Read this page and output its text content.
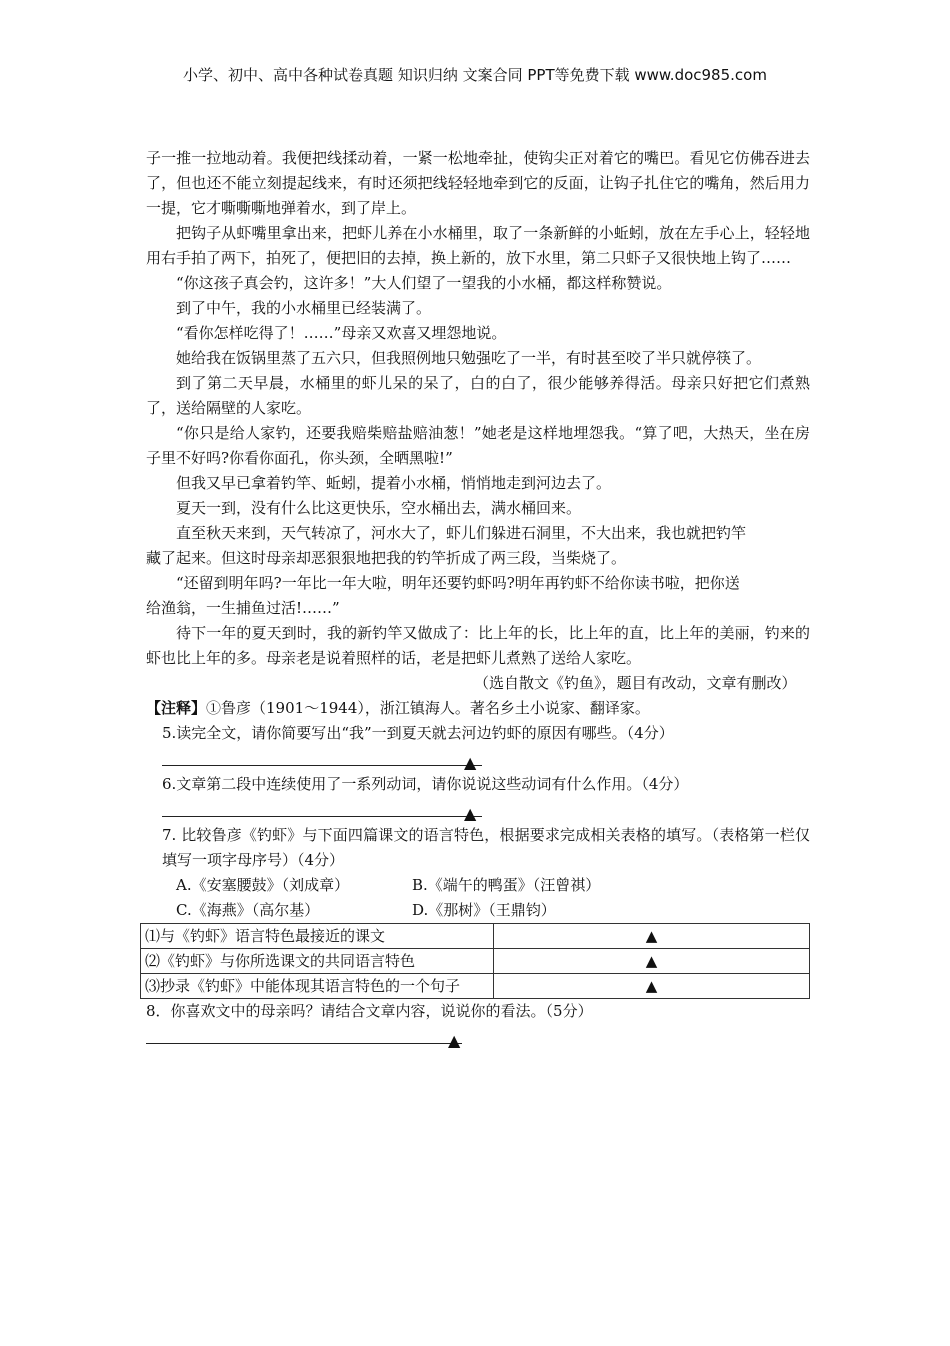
小学、初中、高中各种试卷真题 知识归纳 文案合同 PPT等免费下载 www.doc985.com

子一推一拉地动着。我便把线揉动着，一紧一松地牵扯，使钩尖正对着它的嘴巴。看见它仿佛吞进去了，但也还不能立刻提起线来，有时还须把线轻轻地牵到它的反面，让钩子扎住它的嘴角，然后用力一提，它才嘶嘶嘶地弹着水，到了岸上。

把钩子从虾嘴里拿出来，把虾儿养在小水桶里，取了一条新鲜的小蚯蚓，放在左手心上，轻轻地用右手拍了两下，拍死了，便把旧的去掉，换上新的，放下水里，第二只虾子又很快地上钩了……

“你这孩子真会钓，这许多！”大人们望了一望我的小水桶，都这样称赞说。

到了中午，我的小水桶里已经装满了。

“看你怎样吃得了！……”母亲又欢喜又埋怨地说。

她给我在饭锅里蒸了五六只，但我照例地只勉强吃了一半，有时甚至咬了半只就停筷了。

到了第二天早晨，水桶里的虾儿呆的呆了，白的白了，很少能够养得活。母亲只好把它们煮熟了，送给隔壁的人家吃。

“你只是给人家钓，还要我赔柴赔盐赔油葱！”她老是这样地埋怨我。“算了吧，大热天，坐在房子里不好吗?你看你面孔，你头颈，全晒黑啦!”

但我又早已拿着钓竿、蚯蚓，提着小水桶，悄悄地走到河边去了。

夏天一到，没有什么比这更快乐，空水桶出去，满水桶回来。

直至秋天来到，天气转凉了，河水大了，虾儿们躲进石洞里，不大出来，我也就把钓竿

藏了起来。但这时母亲却恶狠狠地把我的钓竿折成了两三段，当柴烧了。

“还留到明年吗?一年比一年大啦，明年还要钓虾吗?明年再钓虾不给你读书啦，把你送

给渔翁，一生捕鱼过活!……”

待下一年的夏天到时，我的新钓竿又做成了：比上年的长，比上年的直，比上年的美丽，钓来的虾也比上年的多。母亲老是说着照样的话，老是把虾儿煮熟了送给人家吃。

（选自散文《钓鱼》，题目有改动，文章有删改）

【注释】①鲁彦（1901～1944），浙江镇海人。著名乡土小说家、翻译家。

5.读完全文，请你简要写出“我”一到夏天就去河边钓虾的原因有哪些。（4分）

▲

6.文章第二段中连续使用了一系列动词，请你说说这些动词有什么作用。（4分）

▲

7. 比较鲁彦《钓虾》与下面四篇课文的语言特色，根据要求完成相关表格的填写。（表格第一栏仅填写一项字母序号）（4分）

A.《安塞腰鼓》（刘成章）	B.《端午的鸭蛋》（汪曾祺）
C.《海燕》（高尔基）	D.《那树》（王鼎钧）
⑴与《钓虾》语言特色最接近的课文	▲
⑵《钓虾》与你所选课文的共同语言特色	▲
⑶抄录《钓虾》中能体现其语言特色的一个句子	▲

8．你喜欢文中的母亲吗？请结合文章内容，说说你的看法。（5分）

▲
